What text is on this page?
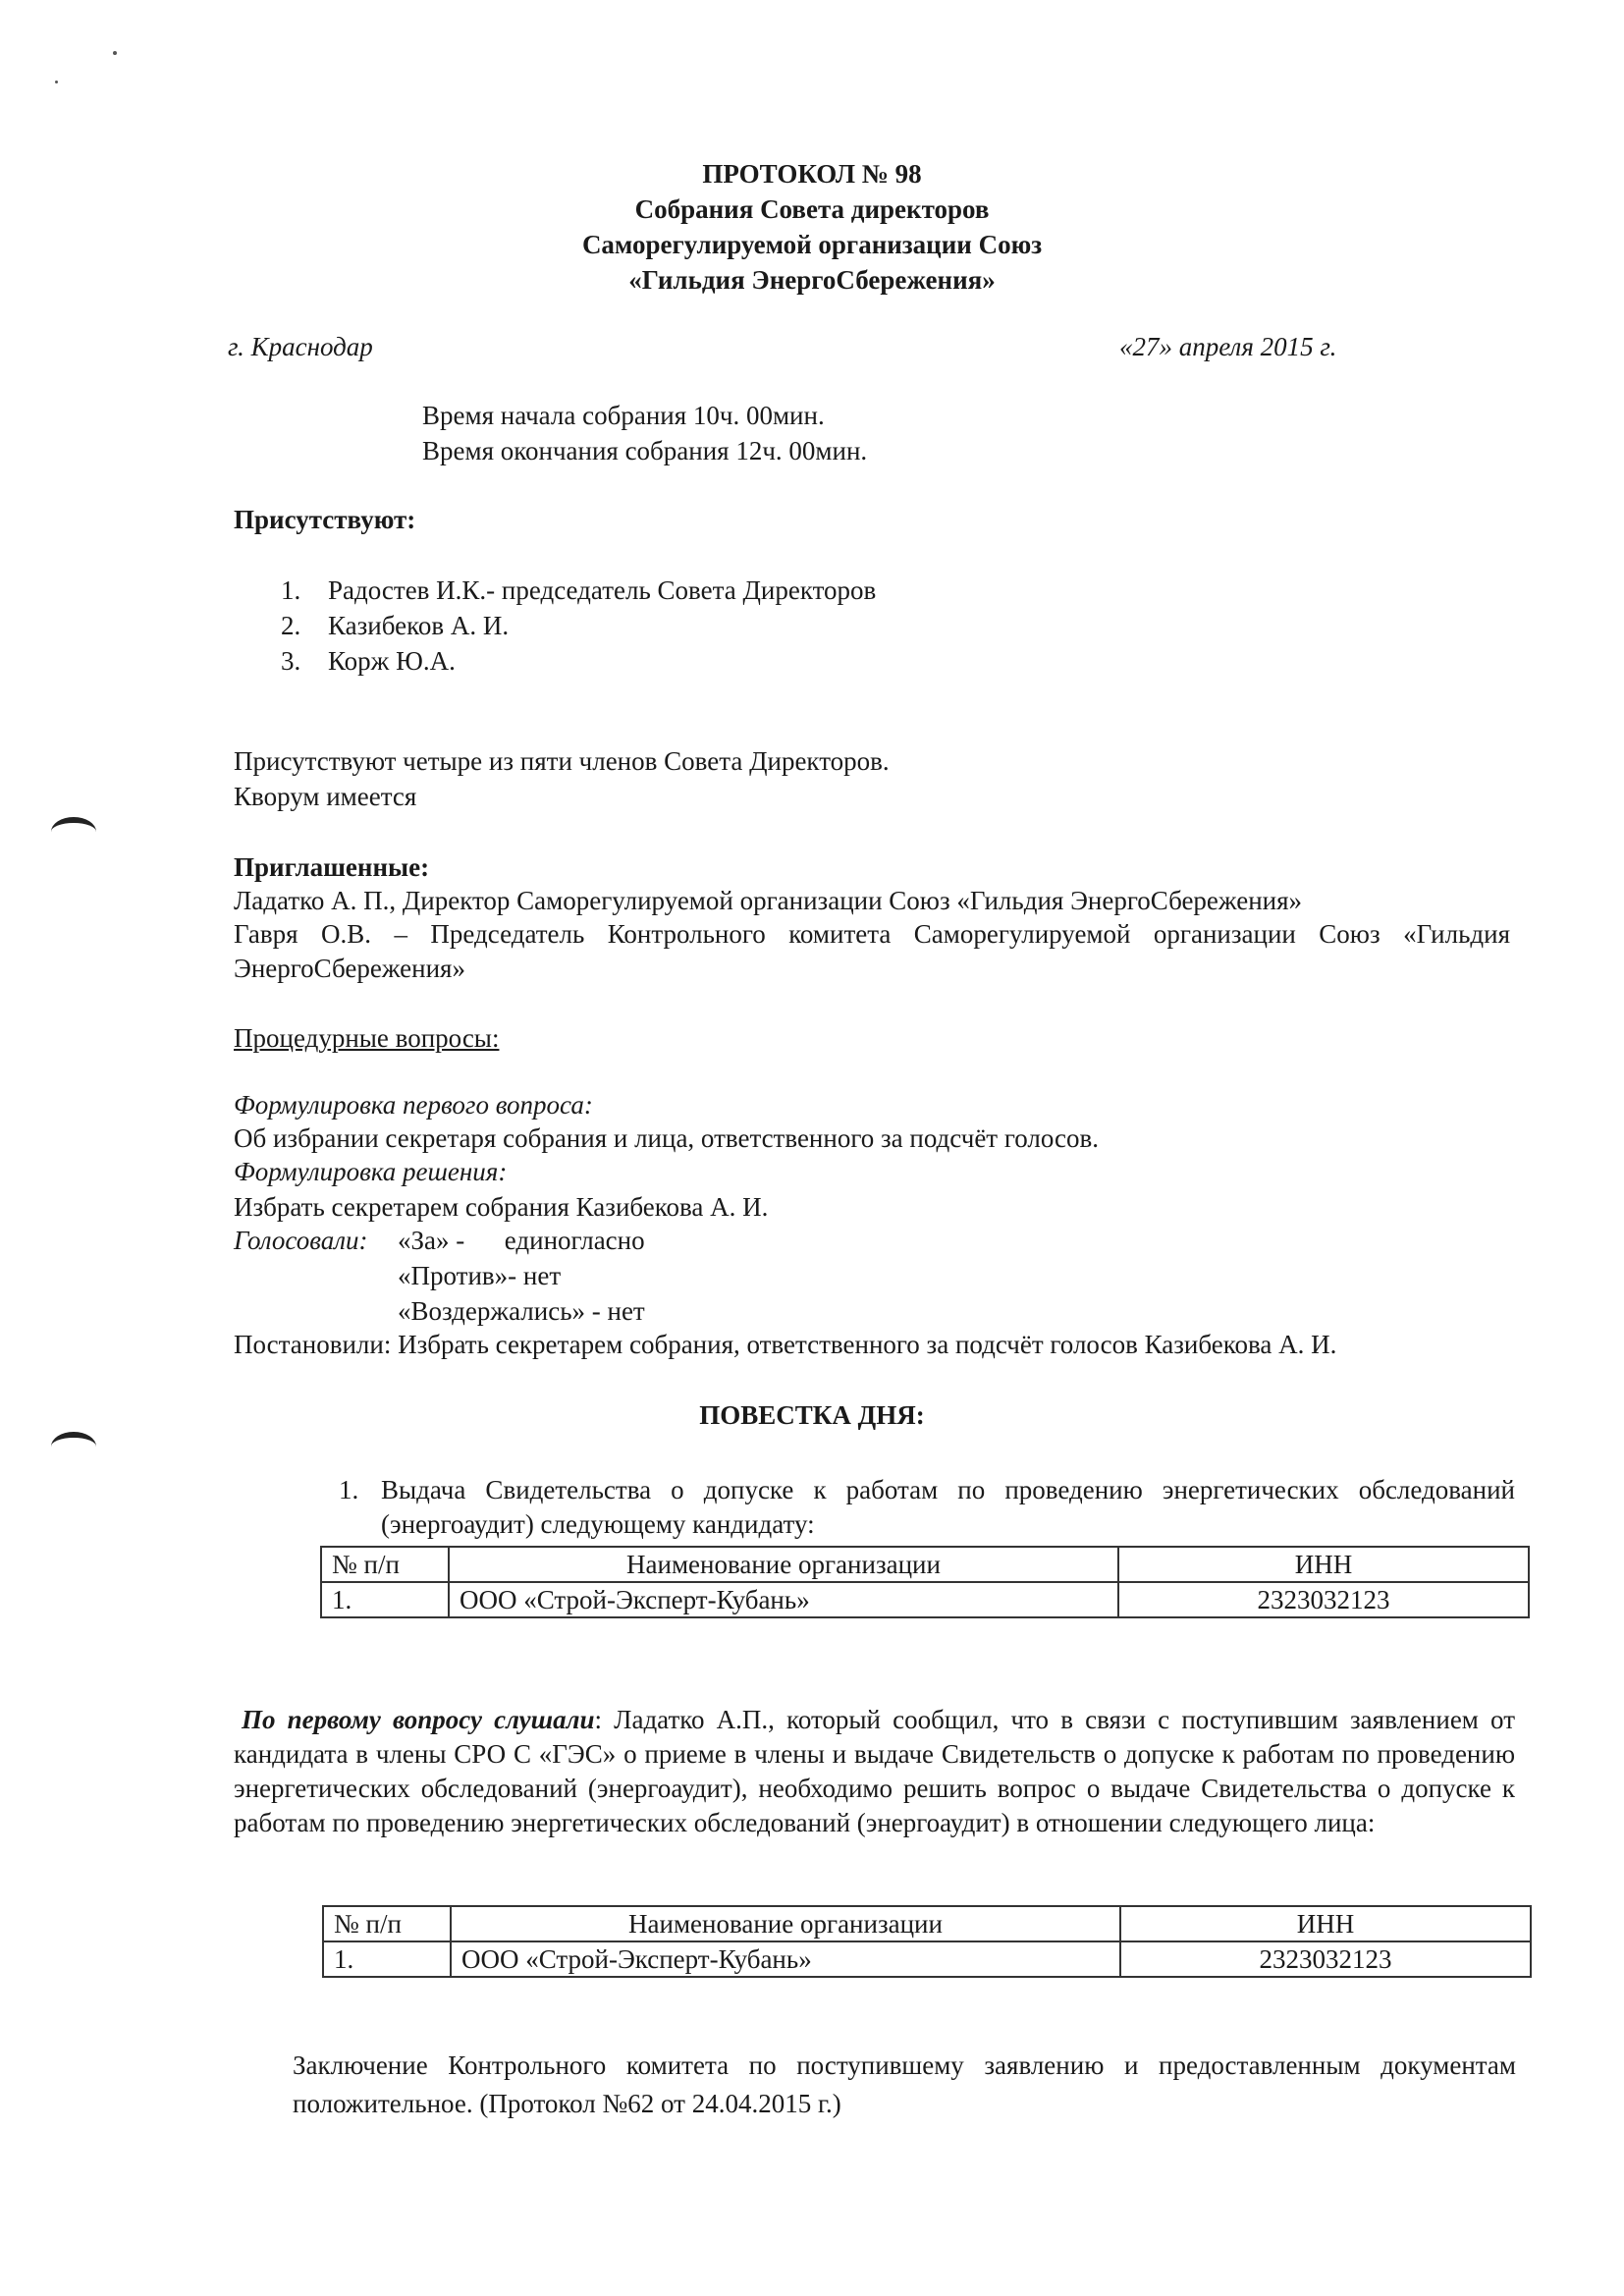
ПРОТОКОЛ № 98
Собрания Совета директоров
Саморегулируемой организации Союз
«Гильдия ЭнергоСбережения»
г. Краснодар	«27» апреля 2015 г.
Время начала собрания 10ч. 00мин.
Время окончания собрания 12ч. 00мин.
Присутствуют:
1. Радостев И.К.- председатель Совета Директоров
2. Казибеков А. И.
3. Корж Ю.А.
Присутствуют четыре из пяти членов Совета Директоров.
Кворум имеется
Приглашенные:
Ладатко А. П., Директор Саморегулируемой организации Союз «Гильдия ЭнергоСбережения»
Гавря О.В. – Председатель Контрольного комитета Саморегулируемой организации Союз «Гильдия ЭнергоСбережения»
Процедурные вопросы:
Формулировка первого вопроса:
Об избрании секретаря собрания и лица, ответственного за подсчёт голосов.
Формулировка решения:
Избрать секретарем собрания Казибекова А. И.
Голосовали: «За» -      единогласно
«Против»- нет
«Воздержались» - нет
Постановили: Избрать секретарем собрания, ответственного за подсчёт голосов Казибекова А. И.
ПОВЕСТКА ДНЯ:
1. Выдача Свидетельства о допуске к работам по проведению энергетических обследований (энергоаудит) следующему кандидату:
№ п/п	Наименование организации	ИНН
1.	ООО «Строй-Эксперт-Кубань»	2323032123
По первому вопросу слушали: Ладатко А.П., который сообщил, что в связи с поступившим заявлением от кандидата в члены СРО С «ГЭС» о приеме в члены и выдаче Свидетельств о допуске к работам по проведению энергетических обследований (энергоаудит), необходимо решить вопрос о выдаче Свидетельства о допуске к работам по проведению энергетических обследований (энергоаудит) в отношении следующего лица:
№ п/п	Наименование организации	ИНН
1.	ООО «Строй-Эксперт-Кубань»	2323032123
Заключение Контрольного комитета по поступившему заявлению и предоставленным документам положительное. (Протокол №62 от 24.04.2015 г.)
